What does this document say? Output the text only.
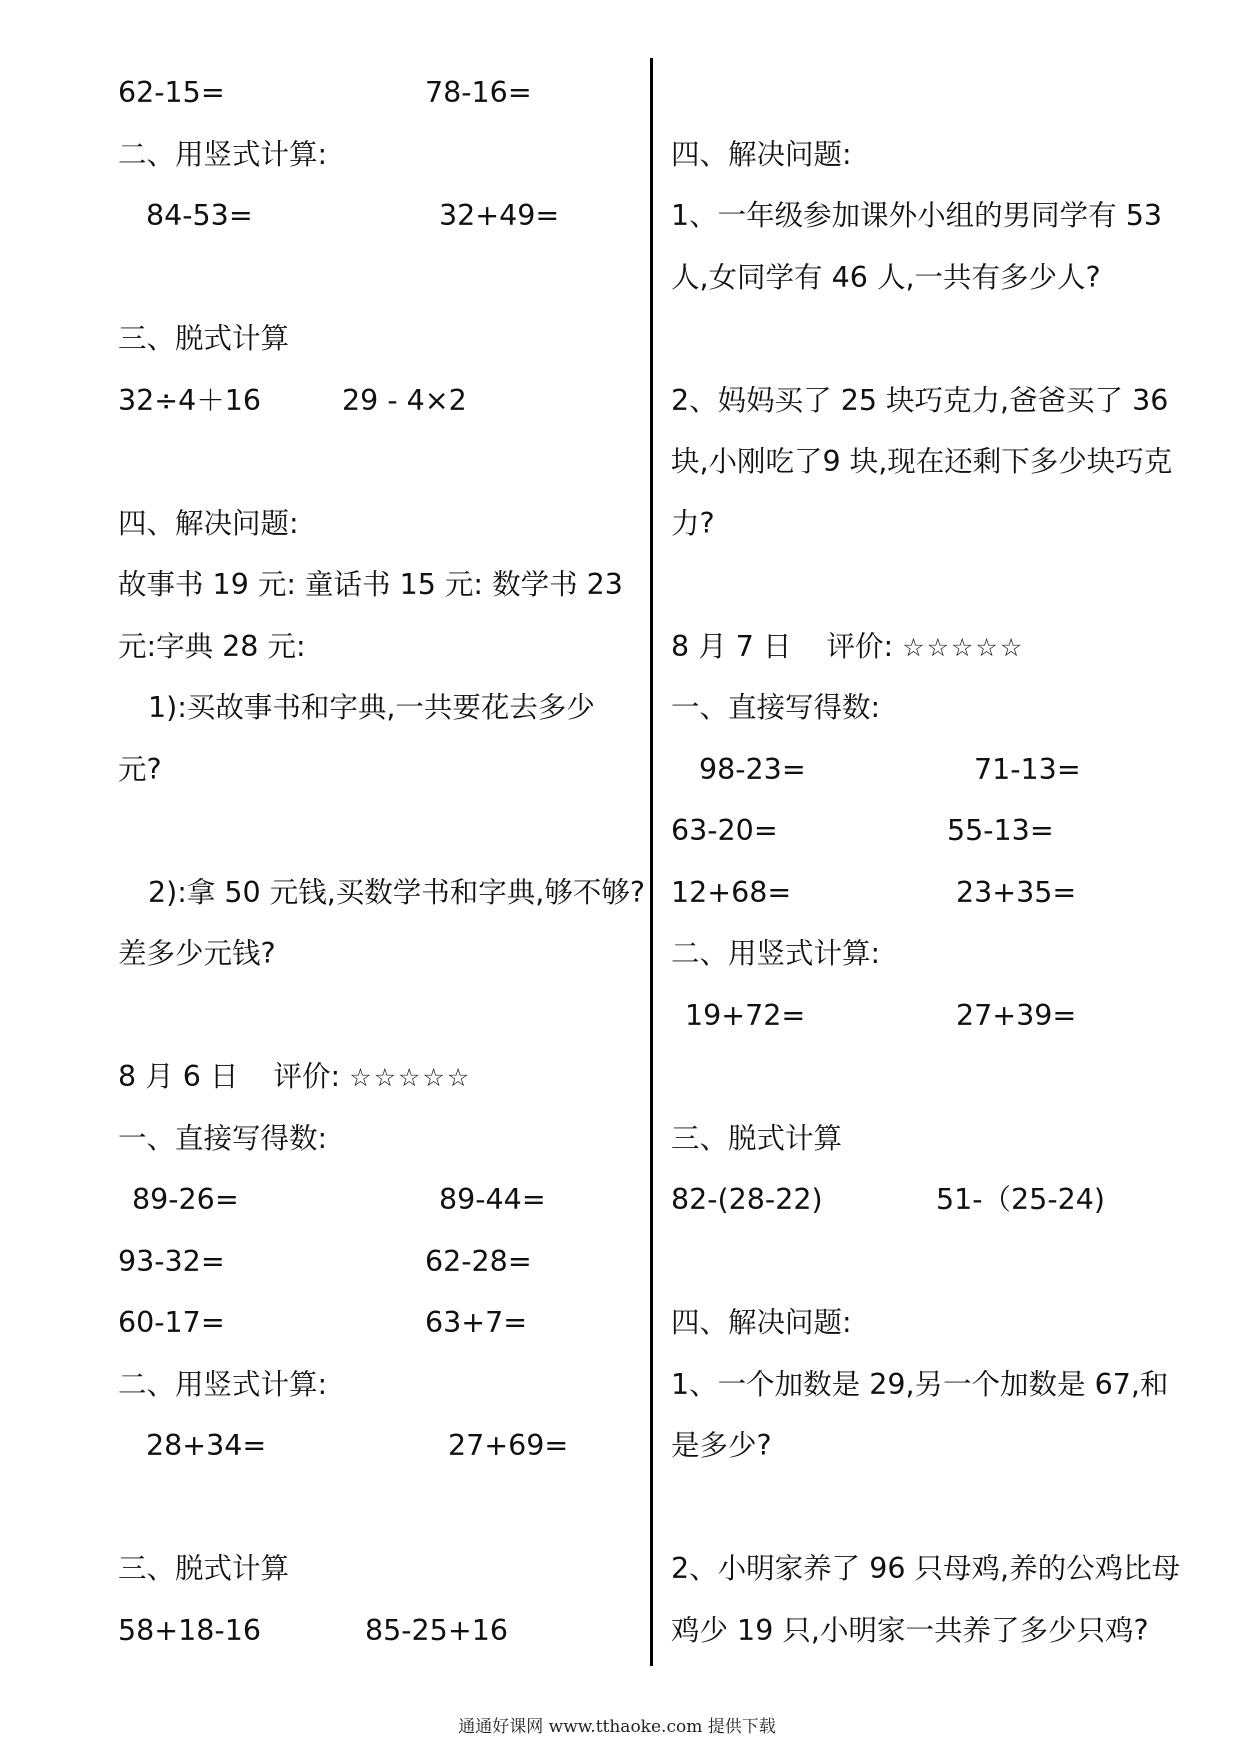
62-15=	78-16=
二、用竖式计算:
84-53=	32+49=
三、脱式计算
32÷4＋16	29 - 4×2
四、解决问题:
故事书 19 元: 童话书 15 元: 数学书 23
元:字典 28 元:
1):买故事书和字典,一共要花去多少
元?
2):拿 50 元钱,买数学书和字典,够不够?
差多少元钱?
8 月 6 日 评价: ☆☆☆☆☆
一、直接写得数:
89-26=	89-44=
93-32=	62-28=
60-17=	63+7=
二、用竖式计算:
28+34=	27+69=
三、脱式计算
58+18-16	85-25+16
四、解决问题:
1、一年级参加课外小组的男同学有 53
人,女同学有 46 人,一共有多少人?
2、妈妈买了 25 块巧克力,爸爸买了 36
块,小刚吃了9 块,现在还剩下多少块巧克
力?
8 月 7 日 评价: ☆☆☆☆☆
一、直接写得数:
98-23=	71-13=
63-20=	55-13=
12+68=	23+35=
二、用竖式计算:
19+72=	27+39=
三、脱式计算
82-(28-22)	51-（25-24)
四、解决问题:
1、一个加数是 29,另一个加数是 67,和
是多少?
2、小明家养了 96 只母鸡,养的公鸡比母
鸡少 19 只,小明家一共养了多少只鸡?
通通好课网 www.tthaoke.com 提供下载
